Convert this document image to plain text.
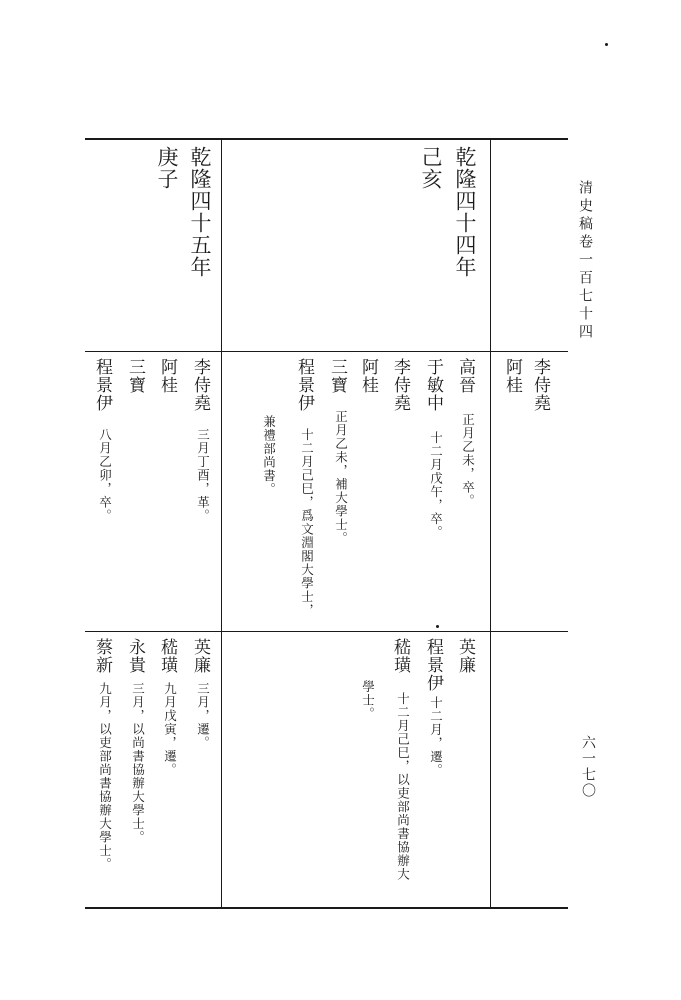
清史稿卷一百七十四
六一七〇
李侍堯
阿桂
乾隆四十四年
己亥
高晉
正月乙未，卒。
于敏中
十二月戊午，卒。
李侍堯
阿桂
三寶
正月乙未，補大學士。
程景伊
十二月己巳，爲文淵閣大學士，
兼禮部尚書。
英廉
程景伊
十二月，遷。
嵇璜
十二月己巳，以吏部尚書協辦大
學士。
乾隆四十五年
庚子
李侍堯
三月丁酉，革。
阿桂
三寶
程景伊
八月乙卯，卒。
英廉
三月，遷。
嵇璜
九月戊寅，遷。
永貴
三月，以尚書協辦大學士。
蔡新
九月，以吏部尚書協辦大學士。
